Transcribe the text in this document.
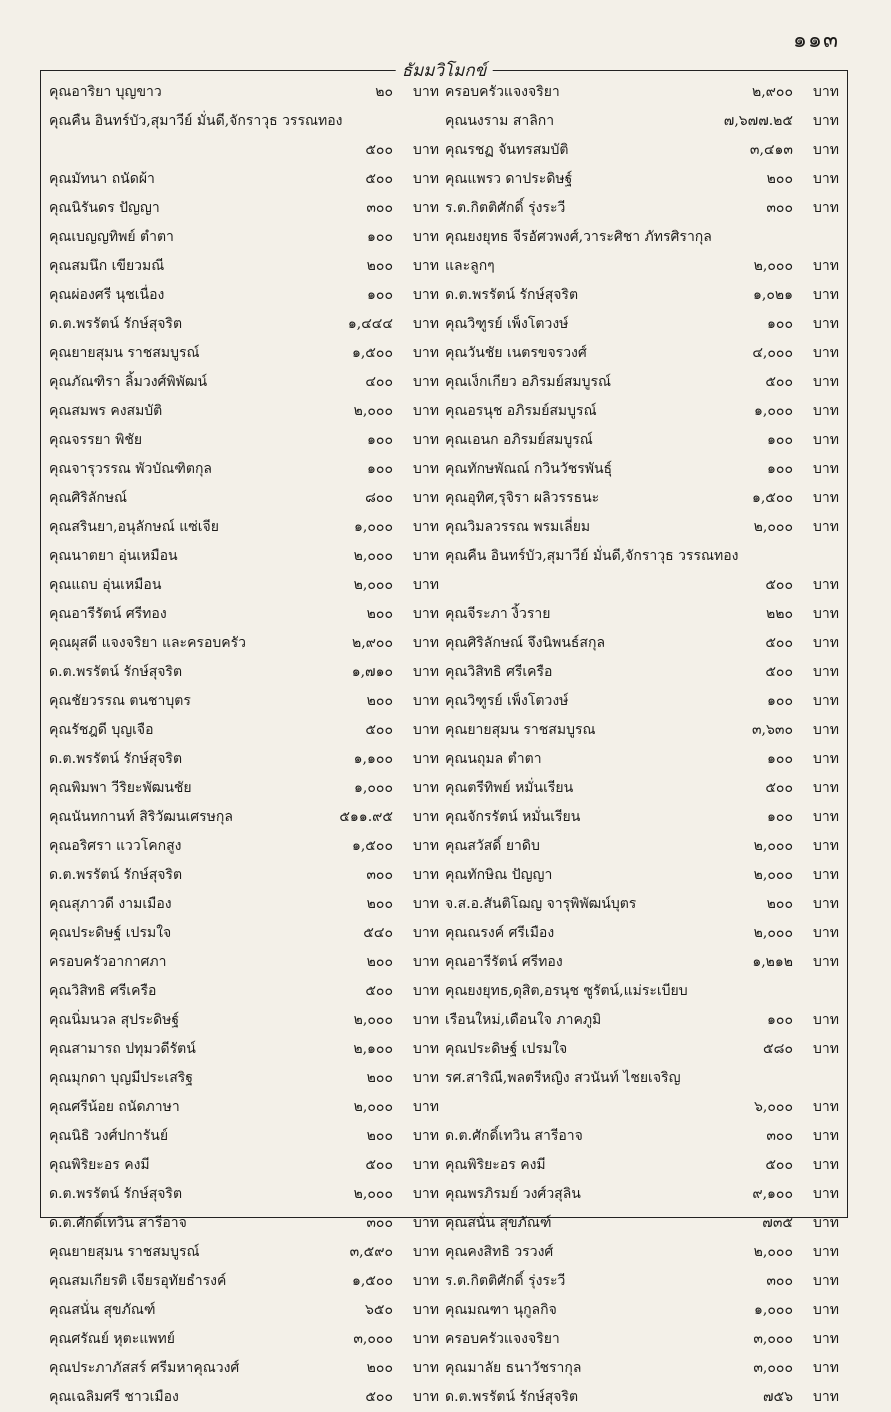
๑๑๓
ธัมมวิโมกข์
คุณอาริยา บุญขาว	๒๐ บาท
คุณคืน อินทร์บัว,สุมาวีย์ มั่นดี,จักราวุธ วรรณทอง
๕๐๐ บาท
คุณมัทนา ถนัดผ้า	๕๐๐ บาท
คุณนิรันดร ปัญญา	๓๐๐ บาท
คุณเบญญทิพย์ ตำตา	๑๐๐ บาท
คุณสมนึก เขียวมณี	๒๐๐ บาท
คุณผ่องศรี นุชเนื่อง	๑๐๐ บาท
ด.ต.พรรัตน์ รักษ์สุจริต	๑,๔๔๔ บาท
คุณยายสุมน ราชสมบูรณ์	๑,๕๐๐ บาท
คุณภัณฑิรา ลิ้มวงศ์พิพัฒน์	๔๐๐ บาท
คุณสมพร คงสมบัติ	๒,๐๐๐ บาท
คุณจรรยา พิชัย	๑๐๐ บาท
คุณจารุวรรณ พัวบัณฑิตกุล	๑๐๐ บาท
คุณศิริลักษณ์	๘๐๐ บาท
คุณสรินยา,อนุลักษณ์ แซ่เจีย	๑,๐๐๐ บาท
คุณนาตยา อุ่นเหมือน	๒,๐๐๐ บาท
คุณแถบ อุ่นเหมือน	๒,๐๐๐ บาท
คุณอารีรัตน์ ศรีทอง	๒๐๐ บาท
คุณผุสดี แจงจริยา และครอบครัว	๒,๙๐๐ บาท
ด.ต.พรรัตน์ รักษ์สุจริต	๑,๗๑๐ บาท
คุณชัยวรรณ ตนชาบุตร	๒๐๐ บาท
คุณรัชฎดี บุญเจือ	๕๐๐ บาท
ด.ต.พรรัตน์ รักษ์สุจริต	๑,๑๐๐ บาท
คุณพิมพา วีริยะพัฒนชัย	๑,๐๐๐ บาท
คุณนันทกานท์ สิริวัฒนเศรษกุล	๕๑๑.๙๕ บาท
คุณอริศรา แววโคกสูง	๑,๕๐๐ บาท
ด.ต.พรรัตน์ รักษ์สุจริต	๓๐๐ บาท
คุณสุภาวดี งามเมือง	๒๐๐ บาท
คุณประดิษฐ์ เปรมใจ	๕๔๐ บาท
ครอบครัวอากาศภา	๒๐๐ บาท
คุณวิสิทธิ ศรีเครือ	๕๐๐ บาท
คุณนิ่มนวล สุประดิษฐ์	๒,๐๐๐ บาท
คุณสามารถ ปทุมวดีรัตน์	๒,๑๐๐ บาท
คุณมุกดา บุญมีประเสริฐ	๒๐๐ บาท
คุณศรีน้อย ถนัดภาษา	๒,๐๐๐ บาท
คุณนิธิ วงศ์ปการันย์	๒๐๐ บาท
คุณพิริยะอร คงมี	๕๐๐ บาท
ด.ต.พรรัตน์ รักษ์สุจริต	๒,๐๐๐ บาท
ด.ต.ศักดิ์เทวิน สารีอาจ	๓๐๐ บาท
คุณยายสุมน ราชสมบูรณ์	๓,๕๙๐ บาท
คุณสมเกียรติ เจียรอุทัยธำรงค์	๑,๕๐๐ บาท
คุณสนั่น สุขภัณฑ์	๖๕๐ บาท
คุณศรัณย์ หุตะแพทย์	๓,๐๐๐ บาท
คุณประภาภัสสร์ ศรีมหาคุณวงศ์	๒๐๐ บาท
คุณเฉลิมศรี ชาวเมือง	๕๐๐ บาท
ครอบครัวแจงจริยา	๒,๙๐๐ บาท
คุณนงราม สาลิกา	๗,๖๗๗.๒๕ บาท
คุณรชฏ จันทรสมบัติ	๓,๔๑๓ บาท
คุณแพรว ดาประดิษฐ์	๒๐๐ บาท
ร.ต.กิตติศักดิ์ รุ่งระวี	๓๐๐ บาท
คุณยงยุทธ จีรอัศวพงศ์,วาระศิชา ภัทรศิรากุล
และลูกๆ	๒,๐๐๐ บาท
ด.ต.พรรัตน์ รักษ์สุจริต	๑,๐๒๑ บาท
คุณวิฑูรย์ เพ็งโตวงษ์	๑๐๐ บาท
คุณวันชัย เนตรขจรวงศ์	๔,๐๐๐ บาท
คุณเง็กเกียว อภิรมย์สมบูรณ์	๕๐๐ บาท
คุณอรนุช อภิรมย์สมบูรณ์	๑,๐๐๐ บาท
คุณเอนก อภิรมย์สมบูรณ์	๑๐๐ บาท
คุณทักษพัณณ์ กวินวัชรพันธุ์	๑๐๐ บาท
คุณอุทิศ,รุจิรา ผลิวรรธนะ	๑,๕๐๐ บาท
คุณวิมลวรรณ พรมเลี่ยม	๒,๐๐๐ บาท
คุณคืน อินทร์บัว,สุมาวีย์ มั่นดี,จักราวุธ วรรณทอง
๕๐๐ บาท
คุณจีระภา งิ้วราย	๒๒๐ บาท
คุณศิริลักษณ์ จึงนิพนธ์สกุล	๕๐๐ บาท
คุณวิสิทธิ ศรีเครือ	๕๐๐ บาท
คุณวิฑูรย์ เพ็งโตวงษ์	๑๐๐ บาท
คุณยายสุมน ราชสมบูรณ	๓,๖๓๐ บาท
คุณนถุมล ตำตา	๑๐๐ บาท
คุณตรีทิพย์ หมั่นเรียน	๕๐๐ บาท
คุณจักรรัตน์ หมั่นเรียน	๑๐๐ บาท
คุณสวัสดิ์ ยาดิบ	๒,๐๐๐ บาท
คุณทักษิณ ปัญญา	๒,๐๐๐ บาท
จ.ส.อ.สันติโฌญ จารุพิพัฒน์บุตร	๒๐๐ บาท
คุณณรงค์ ศรีเมือง	๒,๐๐๐ บาท
คุณอารีรัตน์ ศรีทอง	๑,๒๑๒ บาท
คุณยงยุทธ,ดุสิต,อรนุช ซูรัตน์,แม่ระเบียบ
เรือนใหม่,เดือนใจ ภาคภูมิ	๑๐๐ บาท
คุณประดิษฐ์ เปรมใจ	๕๘๐ บาท
รศ.สาริณี,พลตรีหญิง สวนันท์ ไชยเจริญ
๖,๐๐๐ บาท
ด.ต.ศักดิ์เทวิน สารีอาจ	๓๐๐ บาท
คุณพิริยะอร คงมี	๕๐๐ บาท
คุณพรภิรมย์ วงศ์วสุลิน	๙,๑๐๐ บาท
คุณสนั่น สุขภัณฑ์	๗๓๕ บาท
คุณคงสิทธิ วรวงศ์	๒,๐๐๐ บาท
ร.ต.กิตติศักดิ์ รุ่งระวี	๓๐๐ บาท
คุณมณฑา นุกูลกิจ	๑,๐๐๐ บาท
ครอบครัวแจงจริยา	๓,๐๐๐ บาท
คุณมาลัย ธนาวัชรากุล	๓,๐๐๐ บาท
ด.ต.พรรัตน์ รักษ์สุจริต	๗๕๖ บาท
